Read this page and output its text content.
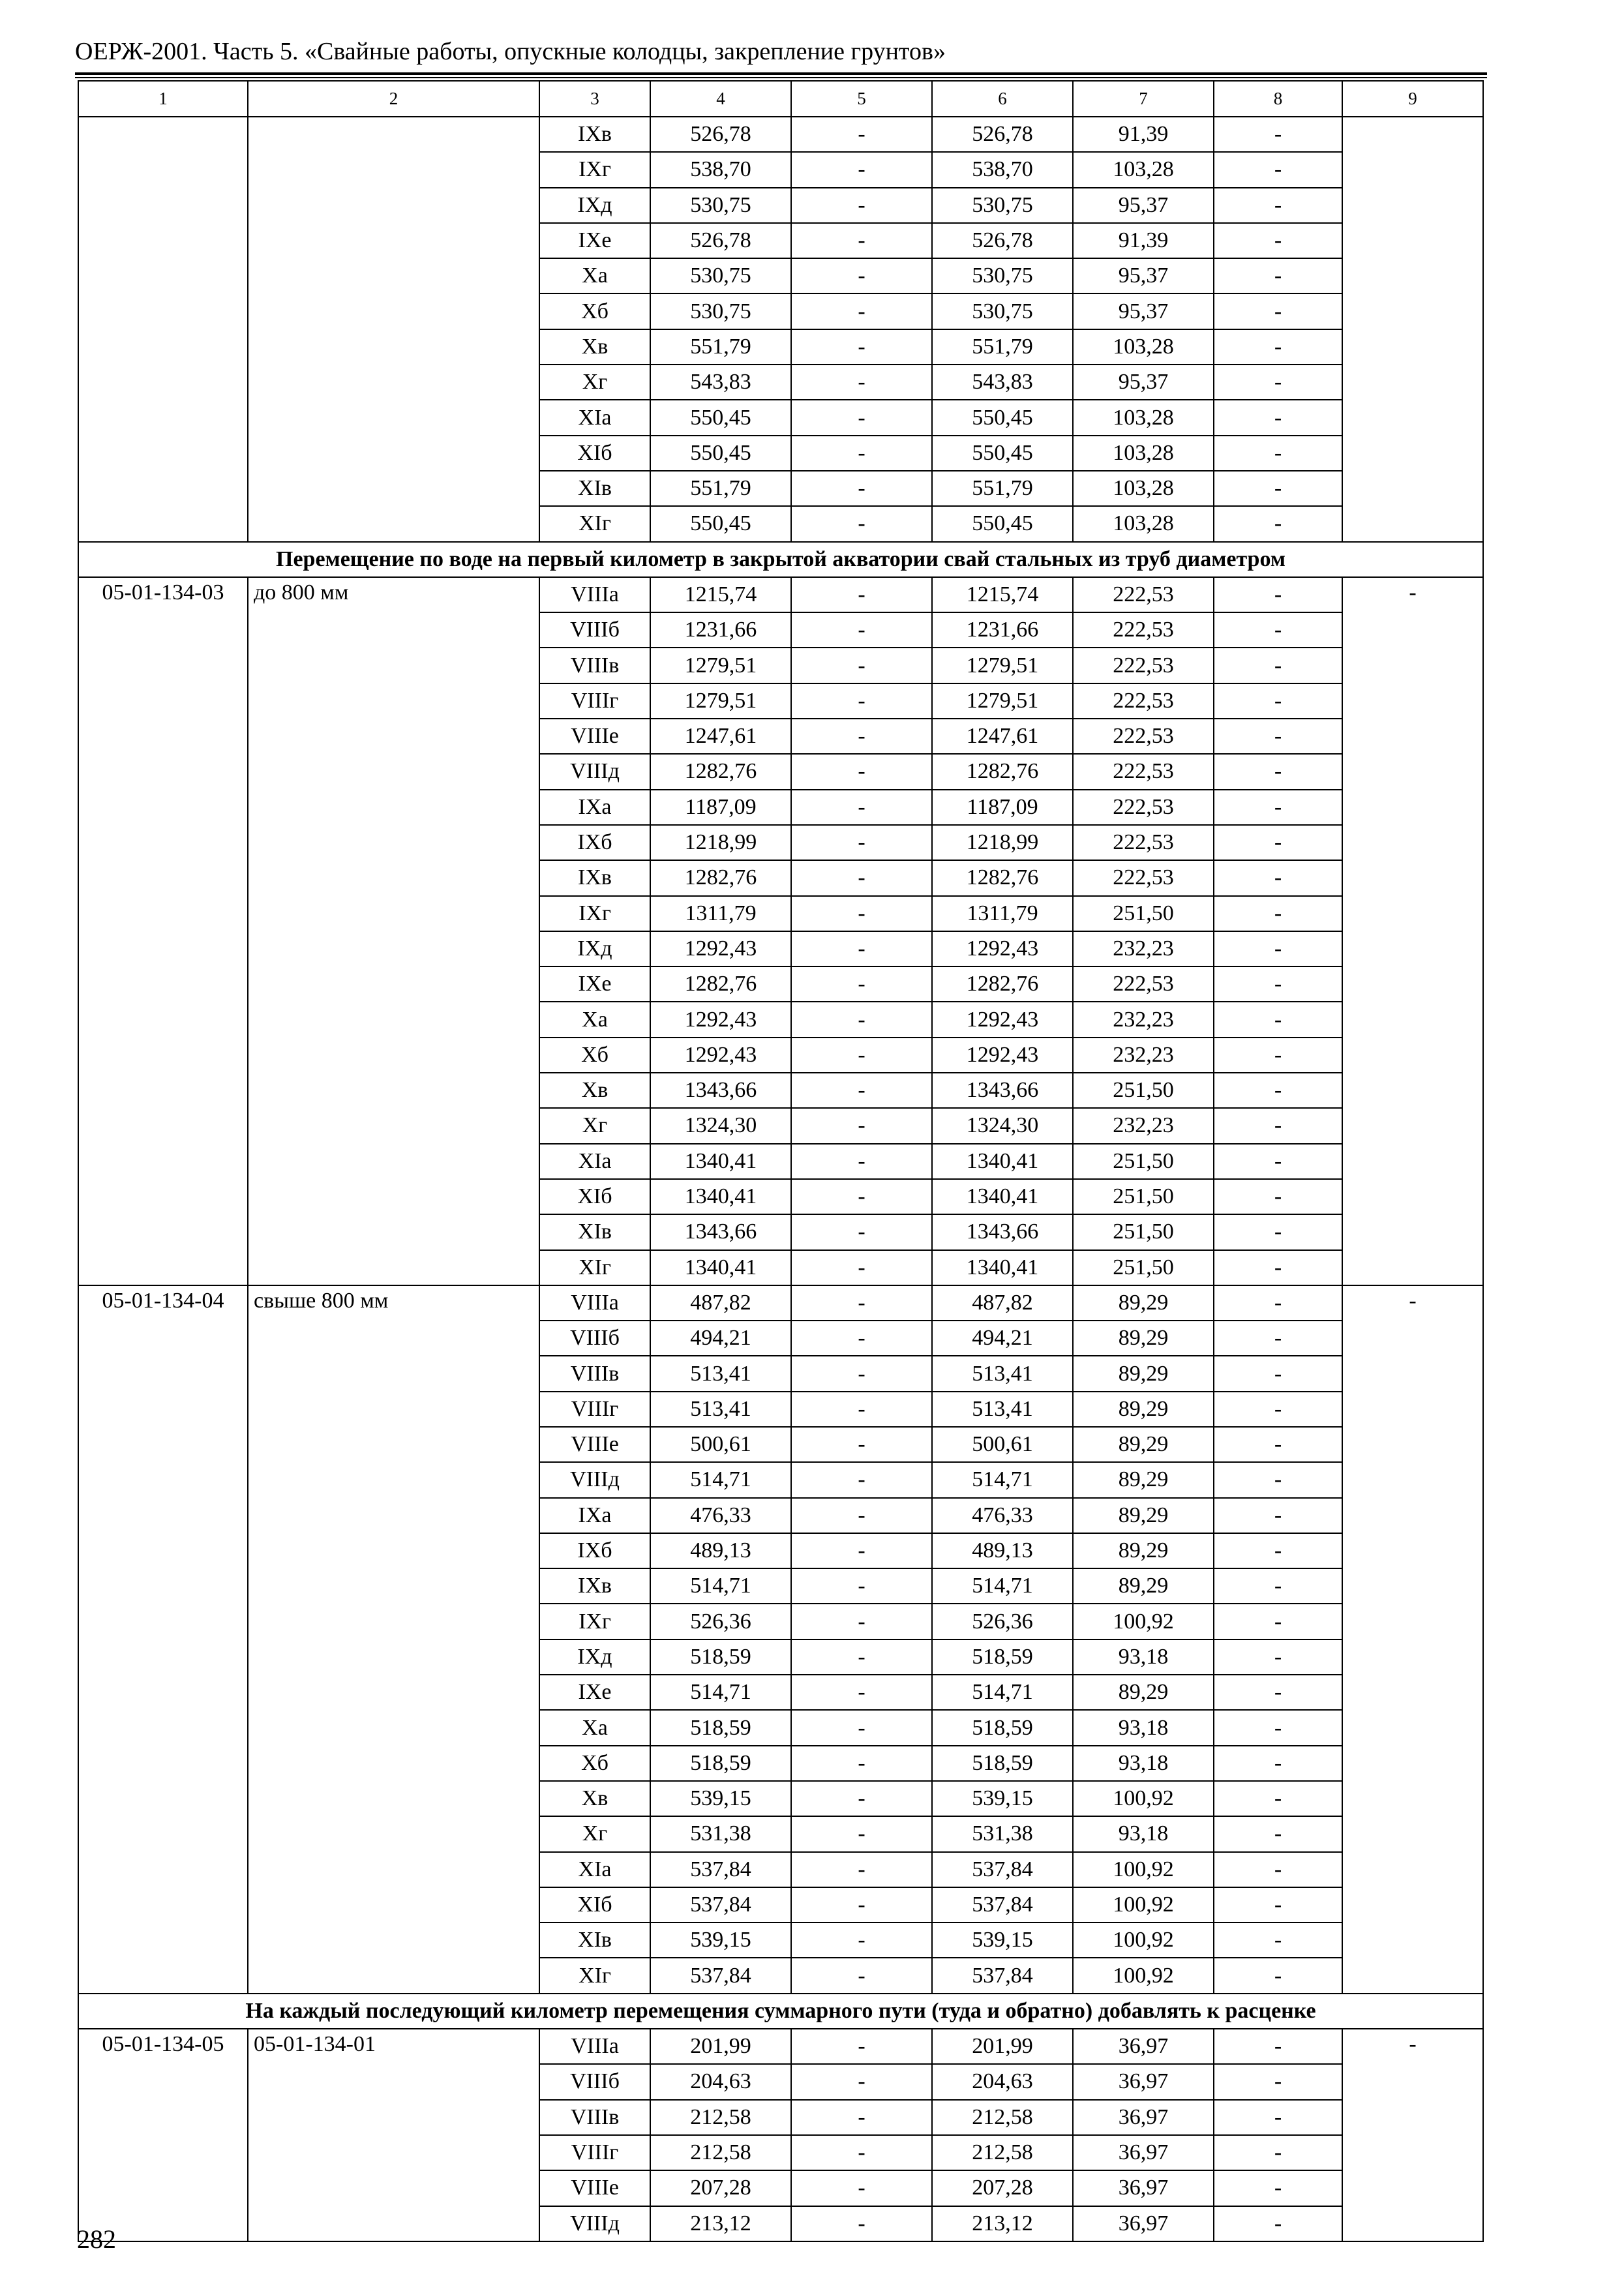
ОЕРЖ-2001. Часть 5. «Свайные работы, опускные колодцы, закрепление грунтов»
1	2	3	4	5	6	7	8	9
		IXв	526,78	-	526,78	91,39	-	
		IXг	538,70	-	538,70	103,28	-	
		IXд	530,75	-	530,75	95,37	-	
		IXе	526,78	-	526,78	91,39	-	
		Xа	530,75	-	530,75	95,37	-	
		Xб	530,75	-	530,75	95,37	-	
		Xв	551,79	-	551,79	103,28	-	
		Xг	543,83	-	543,83	95,37	-	
		XIа	550,45	-	550,45	103,28	-	
		XIб	550,45	-	550,45	103,28	-	
		XIв	551,79	-	551,79	103,28	-	
		XIг	550,45	-	550,45	103,28	-	
Перемещение по воде на первый километр в закрытой акватории свай стальных из труб диаметром								
05-01-134-03	до 800 мм	VIIIа	1215,74	-	1215,74	222,53	-	-
		VIIIб	1231,66	-	1231,66	222,53	-	
		VIIIв	1279,51	-	1279,51	222,53	-	
		VIIIг	1279,51	-	1279,51	222,53	-	
		VIIIе	1247,61	-	1247,61	222,53	-	
		VIIIд	1282,76	-	1282,76	222,53	-	
		IXа	1187,09	-	1187,09	222,53	-	
		IXб	1218,99	-	1218,99	222,53	-	
		IXв	1282,76	-	1282,76	222,53	-	
		IXг	1311,79	-	1311,79	251,50	-	
		IXд	1292,43	-	1292,43	232,23	-	
		IXе	1282,76	-	1282,76	222,53	-	
		Xа	1292,43	-	1292,43	232,23	-	
		Xб	1292,43	-	1292,43	232,23	-	
		Xв	1343,66	-	1343,66	251,50	-	
		Xг	1324,30	-	1324,30	232,23	-	
		XIа	1340,41	-	1340,41	251,50	-	
		XIб	1340,41	-	1340,41	251,50	-	
		XIв	1343,66	-	1343,66	251,50	-	
		XIг	1340,41	-	1340,41	251,50	-	
05-01-134-04	свыше 800 мм	VIIIа	487,82	-	487,82	89,29	-	-
		VIIIб	494,21	-	494,21	89,29	-	
		VIIIв	513,41	-	513,41	89,29	-	
		VIIIг	513,41	-	513,41	89,29	-	
		VIIIе	500,61	-	500,61	89,29	-	
		VIIIд	514,71	-	514,71	89,29	-	
		IXа	476,33	-	476,33	89,29	-	
		IXб	489,13	-	489,13	89,29	-	
		IXв	514,71	-	514,71	89,29	-	
		IXг	526,36	-	526,36	100,92	-	
		IXд	518,59	-	518,59	93,18	-	
		IXе	514,71	-	514,71	89,29	-	
		Xа	518,59	-	518,59	93,18	-	
		Xб	518,59	-	518,59	93,18	-	
		Xв	539,15	-	539,15	100,92	-	
		Xг	531,38	-	531,38	93,18	-	
		XIа	537,84	-	537,84	100,92	-	
		XIб	537,84	-	537,84	100,92	-	
		XIв	539,15	-	539,15	100,92	-	
		XIг	537,84	-	537,84	100,92	-	
На каждый последующий километр перемещения суммарного пути (туда и обратно) добавлять к расценке								
05-01-134-05	05-01-134-01	VIIIа	201,99	-	201,99	36,97	-	-
		VIIIб	204,63	-	204,63	36,97	-	
		VIIIв	212,58	-	212,58	36,97	-	
		VIIIг	212,58	-	212,58	36,97	-	
		VIIIе	207,28	-	207,28	36,97	-	
		VIIIд	213,12	-	213,12	36,97	-	
282
